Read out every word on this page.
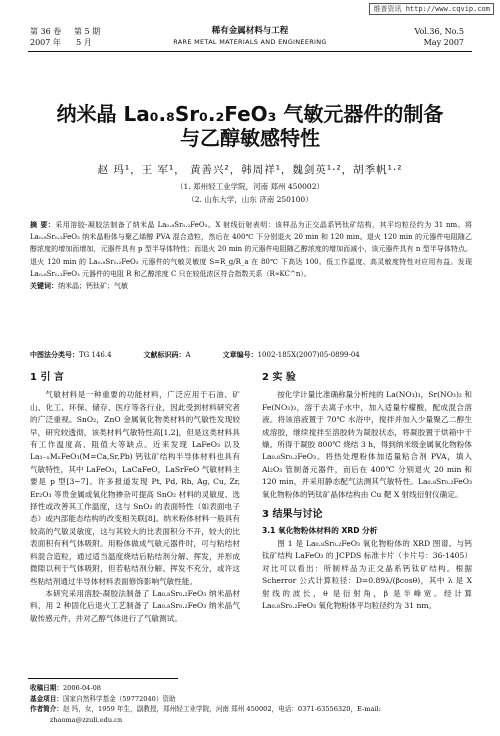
维普资讯 http://www.cqvip.com
第 36 卷 第 5 期
2007 年 5 月
稀有金属材料与工程
RARE METAL MATERIALS AND ENGINEERING
Vol.36, No.5
May 2007
纳米晶 La₀.₈Sr₀.₂FeO₃ 气敏元器件的制备
与乙醇敏感特性
赵 玛¹，王 军¹， 黄善兴²，韩周祥¹，魏剑英¹·²，胡季帆¹·²
（1. 郑州轻工业学院，河南 郑州 450002）
（2. 山东大学，山东 济南 250100）
摘 要：采用溶胶-凝胶法制备了纳米晶 La₀.₈Sr₀.₂FeO₃。X 射线衍射表明：该样品为正交晶系钙钛矿结构，其平均粒径约为 31 nm。将 La₀.₈Sr₀.₂FeO₃ 纳米晶粉体与聚乙烯醇 PVA 混合造粒，然后在 400℃ 下分别退火 20 min 和 120 min。退火 120 min 的元器件电阻随乙醇浓度的增加而增加，元器件具有 p 型半导体特性；而退火 20 min 的元器件电阻随乙醇浓度的增加而减小，该元器件具有 n 型半导体特点。退火 120 min 的 La₀.₈Sr₀.₂FeO₃ 元器件的气敏灵敏度 S=R_g/R_a 在 80℃ 下高达 100。低工作温度、高灵敏度特性对应用有益。发现 La₀.₈Sr₀.₂FeO₃ 元器件的电阻 R 和乙醇浓度 C 只在较低浓区符合指数关系（R∝KC^n）。
关键词：纳米晶；钙钛矿；气敏
中图法分类号：TG 146.4	文献标识码：A	文章编号：1002-185X(2007)05-0899-04
1 引 言

气敏材料是一种重要的功能材料，广泛应用于石油、矿山、化工、环保、储存、医疗等各行业，因此受到材料研究者的广泛重视。SnO₂，ZnO 金属氧化物类材料的气敏性发现较早，研究较透彻，该类材料气敏特性高[1,2]，但是这类材料具有工作温度高、阻值大等缺点。近来发现 LaFeO₃ 以及 La₁₋ₓMₓFeO₃(M=Ca,Sr,Pb) 钙钛矿结构半导体材料也具有气敏特性，其中 LaFeO₃，LaCaFeO，LaSrFeO 气敏材料主要是 p 型[3~7]。许多报道发现 Pt, Pd, Rh, Ag, Cu, Zr, Er₂O₃ 等贵金属或氧化物掺杂可提高 SnO₂ 材料的灵敏度、选择性或改善其工作温度，这与 SnO₂ 的表面特性（如表面电子态）或内部能态结构的改变相关联[8]。纳米粉体材料一般具有较高的气敏灵敏度，这与其较大的比表面积分不开，较大的比表面积有利气体吸附。用粉体做成气敏元器件时，可与粘结材料混合造粒，通过适当温度烧结后粘结剂分解、挥发，并形成微隙以利于气体吸附，但若粘结剂分解、挥发不充分，或许这些粘结剂通过半导体材料表面修饰影响气敏性能。

本研究采用溶胶-凝胶法制备了 La₀.₈Sr₀.₂FeO₃ 纳米晶材料，用 2 种固化后退火工艺制备了 La₀.₈Sr₀.₂FeO₃ 纳米晶气敏传感元件，并对乙醇气体进行了气敏测试。

2 实 验

按化学计量比准确称量分析纯的 La(NO₃)₃，Sr(NO₃)₂ 和 Fe(NO₃)₃，溶于去离子水中，加入适量柠檬酸，配成混合溶液。将该溶液置于 70℃ 水浴中，搅拌并加入少量聚乙二醇生成溶胶，继续搅拌至溶胶转为凝胶状态，将凝胶置于烘箱中干燥。所得干凝胶 800℃ 烧结 3 h，得到纳米级金属氧化物粉体 La₀.₈Sr₀.₂FeO₃。将热处理粉体加适量粘合剂 PVA，填入 Al₂O₃ 管制备元器件，而后在 400℃ 分别退火 20 min 和 120 min，并采用静态配气法测其气敏特性。La₀.₈Sr₀.₂FeO₃ 氧化物粉体的钙钛矿晶体结构由 Cu 靶 X 射线衍射仪确定。

3 结果与讨论
3.1 氧化物粉体材料的 XRD 分析

图 1 是 La₀.₈Sr₀.₂FeO₃ 氧化物粉体的 XRD 图谱。与钙钛矿结构 LaFeO₃ 的 JCPDS 标准卡片（卡片号：36-1405）对比可以看出：所制样品为正交晶系钙钛矿结构。根据 Scherror 公式计算粒径：D=0.89λ/(βcosθ)，其中 λ 是 X 射线的波长，θ 是衍射角，β 是半峰宽。经计算 La₀.₈Sr₀.₂FeO₃ 氧化物粉体平均粒径约为 31 nm。

收稿日期：2006-04-08
基金项目：国家自然科学基金（59772040）资助
作者简介：赵 玛，女，1959 年生，副教授，郑州轻工业学院，河南 郑州 450002，电话：0371-63556320，E-mail:
zhaoma@zzuli.edu.cn
